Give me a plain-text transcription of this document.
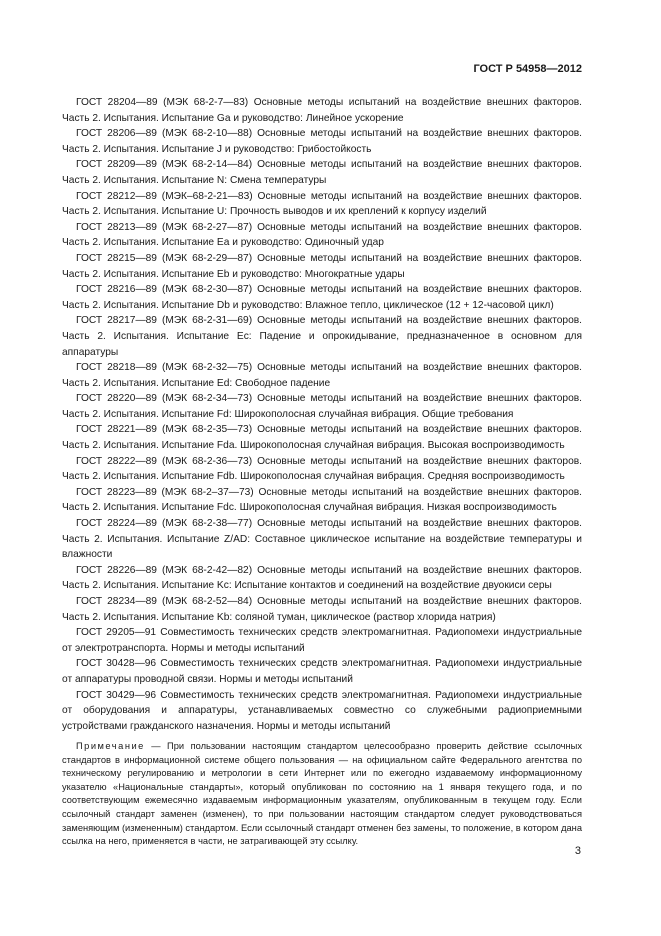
ГОСТ Р 54958—2012

ГОСТ 28204—89 (МЭК 68-2-7—83) Основные методы испытаний на воздействие внешних факторов. Часть 2. Испытания. Испытание Ga и руководство: Линейное ускорение

ГОСТ 28206—89 (МЭК 68-2-10—88) Основные методы испытаний на воздействие внешних факторов. Часть 2. Испытания. Испытание J и руководство: Грибостойкость

ГОСТ 28209—89 (МЭК 68-2-14—84) Основные методы испытаний на воздействие внешних факторов. Часть 2. Испытания. Испытание N: Смена температуры

ГОСТ 28212—89 (МЭК–68-2-21—83) Основные методы испытаний на воздействие внешних факторов. Часть 2. Испытания. Испытание U: Прочность выводов и их креплений к корпусу изделий

ГОСТ 28213—89 (МЭК 68-2-27—87) Основные методы испытаний на воздействие внешних факторов. Часть 2. Испытания. Испытание Ea и руководство: Одиночный удар

ГОСТ 28215—89 (МЭК 68-2-29—87) Основные методы испытаний на воздействие внешних факторов. Часть 2. Испытания. Испытание Eb и руководство: Многократные удары

ГОСТ 28216—89 (МЭК 68-2-30—87) Основные методы испытаний на воздействие внешних факторов. Часть 2. Испытания. Испытание Db и руководство: Влажное тепло, циклическое (12 + 12-часовой цикл)

ГОСТ 28217—89 (МЭК 68-2-31—69) Основные методы испытаний на воздействие внешних факторов. Часть 2. Испытания. Испытание Ec: Падение и опрокидывание, предназначенное в основном для аппаратуры

ГОСТ 28218—89 (МЭК 68-2-32—75) Основные методы испытаний на воздействие внешних факторов. Часть 2. Испытания. Испытание Ed: Свободное падение

ГОСТ 28220—89 (МЭК 68-2-34—73) Основные методы испытаний на воздействие внешних факторов. Часть 2. Испытания. Испытание Fd: Широкополосная случайная вибрация. Общие требования

ГОСТ 28221—89 (МЭК 68-2-35—73) Основные методы испытаний на воздействие внешних факторов. Часть 2. Испытания. Испытание Fda. Широкополосная случайная вибрация. Высокая воспроизводимость

ГОСТ 28222—89 (МЭК 68-2-36—73) Основные методы испытаний на воздействие внешних факторов. Часть 2. Испытания. Испытание Fdb. Широкополосная случайная вибрация. Средняя воспроизводимость

ГОСТ 28223—89 (МЭК 68-2–37—73) Основные методы испытаний на воздействие внешних факторов. Часть 2. Испытания. Испытание Fdc. Широкополосная случайная вибрация. Низкая воспроизводимость

ГОСТ 28224—89 (МЭК 68-2-38—77) Основные методы испытаний на воздействие внешних факторов. Часть 2. Испытания. Испытание Z/AD: Составное циклическое испытание на воздействие температуры и влажности

ГОСТ 28226—89 (МЭК 68-2-42—82) Основные методы испытаний на воздействие внешних факторов. Часть 2. Испытания. Испытание Kc: Испытание контактов и соединений на воздействие двуокиси серы

ГОСТ 28234—89 (МЭК 68-2-52—84) Основные методы испытаний на воздействие внешних факторов. Часть 2. Испытания. Испытание Kb: соляной туман, циклическое (раствор хлорида натрия)

ГОСТ 29205—91 Совместимость технических средств электромагнитная. Радиопомехи индустриальные от электротранспорта. Нормы и методы испытаний

ГОСТ 30428—96 Совместимость технических средств электромагнитная. Радиопомехи индустриальные от аппаратуры проводной связи. Нормы и методы испытаний

ГОСТ 30429—96 Совместимость технических средств электромагнитная. Радиопомехи индустриальные от оборудования и аппаратуры, устанавливаемых совместно со служебными радиоприемными устройствами гражданского назначения. Нормы и методы испытаний

Примечание — При пользовании настоящим стандартом целесообразно проверить действие ссылочных стандартов в информационной системе общего пользования — на официальном сайте Федерального агентства по техническому регулированию и метрологии в сети Интернет или по ежегодно издаваемому информационному указателю «Национальные стандарты», который опубликован по состоянию на 1 января текущего года, и по соответствующим ежемесячно издаваемым информационным указателям, опубликованным в текущем году. Если ссылочный стандарт заменен (изменен), то при пользовании настоящим стандартом следует руководствоваться заменяющим (измененным) стандартом. Если ссылочный стандарт отменен без замены, то положение, в котором дана ссылка на него, применяется в части, не затрагивающей эту ссылку.

3
